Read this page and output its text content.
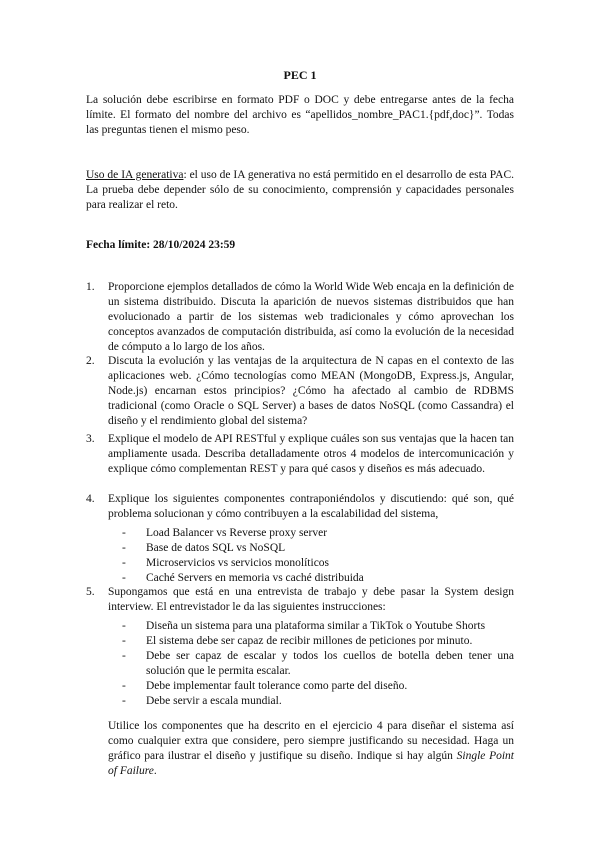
PEC 1

La solución debe escribirse en formato PDF o DOC y debe entregarse antes de la fecha límite. El formato del nombre del archivo es “apellidos_nombre_PAC1.{pdf,doc}”. Todas las preguntas tienen el mismo peso.

Uso de IA generativa: el uso de IA generativa no está permitido en el desarrollo de esta PAC. La prueba debe depender sólo de su conocimiento, comprensión y capacidades personales para realizar el reto.

Fecha límite: 28/10/2024 23:59

1.	Proporcione ejemplos detallados de cómo la World Wide Web encaja en la definición de un sistema distribuido. Discuta la aparición de nuevos sistemas distribuidos que han evolucionado a partir de los sistemas web tradicionales y cómo aprovechan los conceptos avanzados de computación distribuida, así como la evolución de la necesidad de cómputo a lo largo de los años.
2.	Discuta la evolución y las ventajas de la arquitectura de N capas en el contexto de las aplicaciones web. ¿Cómo tecnologías como MEAN (MongoDB, Express.js, Angular, Node.js) encarnan estos principios? ¿Cómo ha afectado al cambio de RDBMS tradicional (como Oracle o SQL Server) a bases de datos NoSQL (como Cassandra) el diseño y el rendimiento global del sistema?
3.	Explique el modelo de API RESTful y explique cuáles son sus ventajas que la hacen tan ampliamente usada. Describa detalladamente otros 4 modelos de intercomunicación y explique cómo complementan REST y para qué casos y diseños es más adecuado.
4.	Explique los siguientes componentes contraponiéndolos y discutiendo: qué son, qué problema solucionan y cómo contribuyen a la escalabilidad del sistema,
- Load Balancer vs Reverse proxy server
- Base de datos SQL vs NoSQL
- Microservicios vs servicios monolíticos
- Caché Servers en memoria vs caché distribuida
5.	Supongamos que está en una entrevista de trabajo y debe pasar la System design interview. El entrevistador le da las siguientes instrucciones:
- Diseña un sistema para una plataforma similar a TikTok o Youtube Shorts
- El sistema debe ser capaz de recibir millones de peticiones por minuto.
- Debe ser capaz de escalar y todos los cuellos de botella deben tener una solución que le permita escalar.
- Debe implementar fault tolerance como parte del diseño.
- Debe servir a escala mundial.
Utilice los componentes que ha descrito en el ejercicio 4 para diseñar el sistema así como cualquier extra que considere, pero siempre justificando su necesidad. Haga un gráfico para ilustrar el diseño y justifique su diseño. Indique si hay algún Single Point of Failure.
